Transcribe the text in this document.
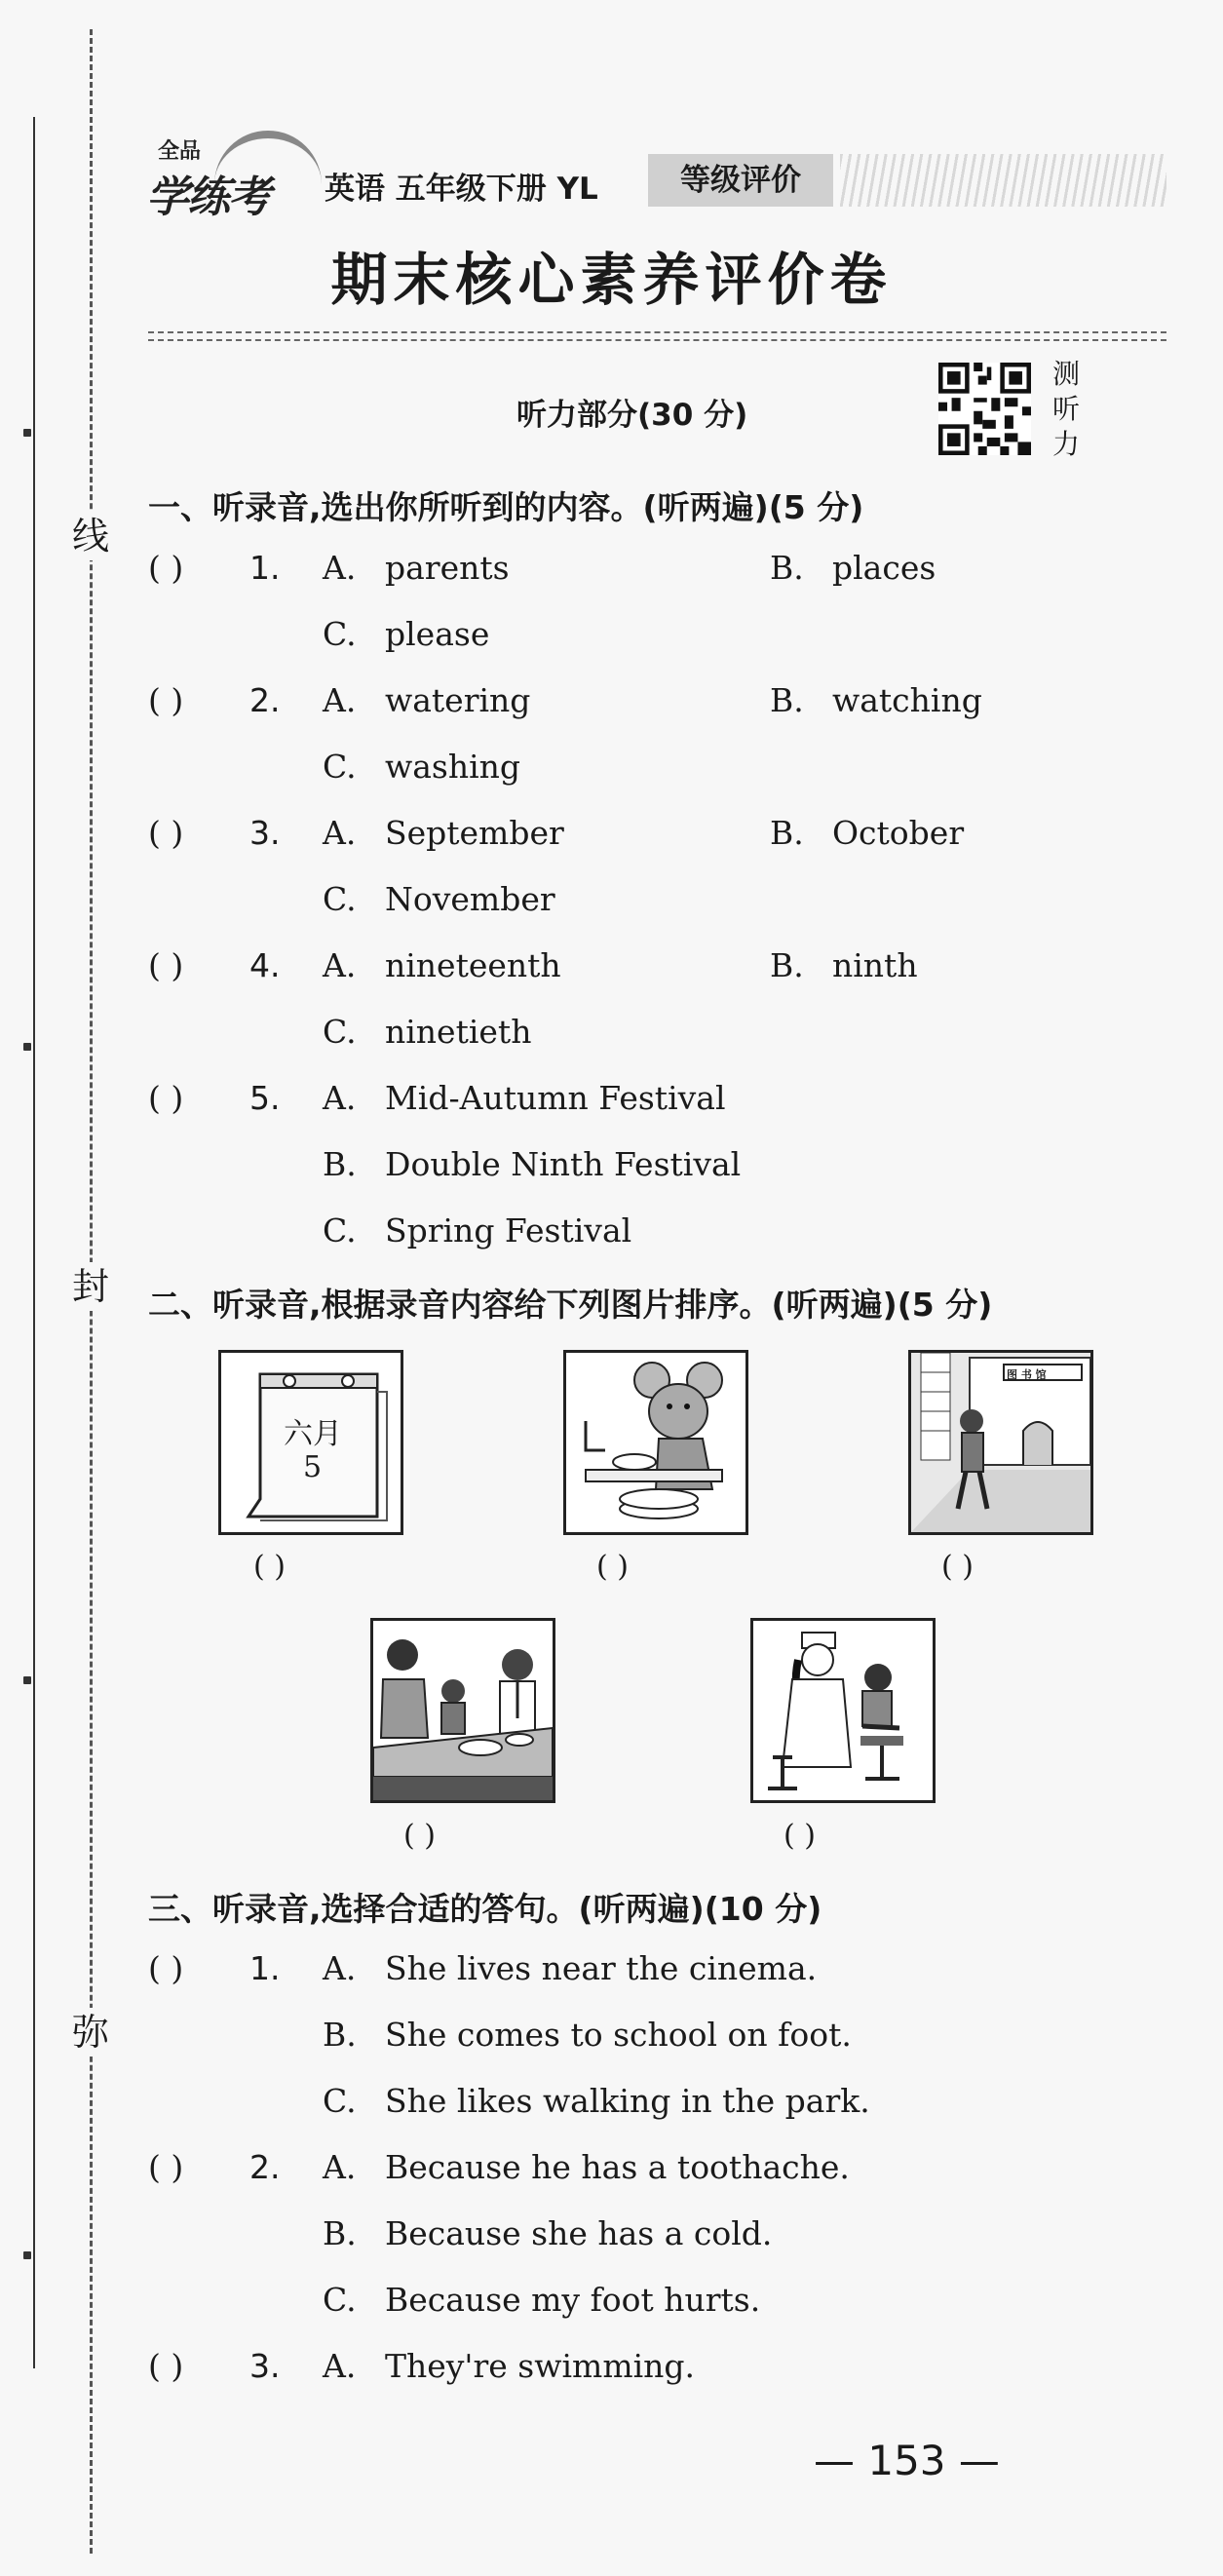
线
封
弥
全品
学练考 英语 五年级下册 YL	等级评价
期末核心素养评价卷
听力部分(30 分)
测
听
力
一、听录音,选出你所听到的内容。(听两遍)(5 分)
( ) 1. A. parents	B. places
C. please
( ) 2. A. watering	B. watching
C. washing
( ) 3. A. September	B. October
C. November
( ) 4. A. nineteenth	B. ninth
C. ninetieth
( ) 5. A. Mid-Autumn Festival
B. Double Ninth Festival
C. Spring Festival
二、听录音,根据录音内容给下列图片排序。(听两遍)(5 分)
六月
5
( )	( )
图 书 馆
( )
( )	( )
三、听录音,选择合适的答句。(听两遍)(10 分)
( ) 1. A. She lives near the cinema.
B. She comes to school on foot.
C. She likes walking in the park.
( ) 2. A. Because he has a toothache.
B. Because she has a cold.
C. Because my foot hurts.
( ) 3. A. They're swimming.
— 153 —
